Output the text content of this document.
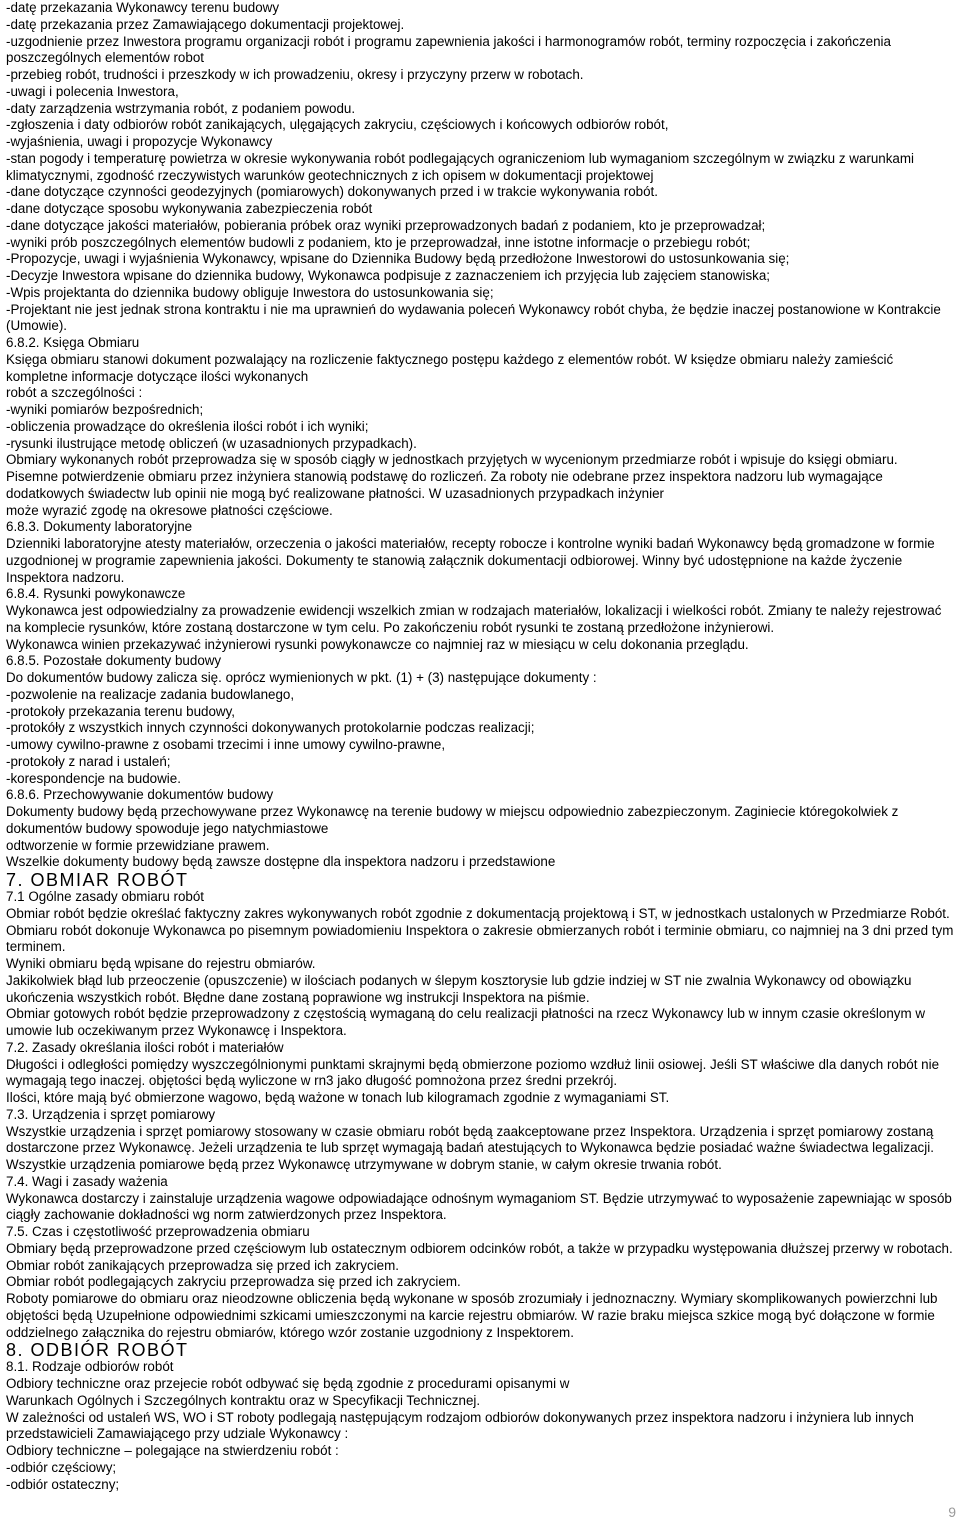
-datę przekazania Wykonawcy terenu budowy

-datę przekazania przez Zamawiającego dokumentacji projektowej.

-uzgodnienie przez Inwestora programu organizacji robót i programu zapewnienia jakości i harmonogramów robót, terminy rozpoczęcia i zakończenia poszczególnych elementów robot

-przebieg robót, trudności i przeszkody w ich prowadzeniu, okresy i przyczyny przerw w robotach.

-uwagi i polecenia Inwestora,

-daty zarządzenia wstrzymania robót, z podaniem powodu.

-zgłoszenia i daty odbiorów robót zanikających, ulęgających zakryciu, częściowych i końcowych odbiorów robót,

-wyjaśnienia, uwagi i propozycje Wykonawcy

-stan pogody i temperaturę powietrza w okresie wykonywania robót podlegających ograniczeniom lub wymaganiom szczególnym w związku z warunkami klimatycznymi, zgodność rzeczywistych warunków geotechnicznych z ich opisem w dokumentacji projektowej

-dane dotyczące czynności geodezyjnych (pomiarowych) dokonywanych przed i w trakcie wykonywania robót.

-dane dotyczące sposobu wykonywania zabezpieczenia robót

-dane dotyczące jakości materiałów, pobierania próbek oraz wyniki przeprowadzonych badań z podaniem, kto je przeprowadzał;

-wyniki prób poszczególnych elementów budowli z podaniem, kto je przeprowadzał, inne istotne informacje o przebiegu robót;

-Propozycje, uwagi i wyjaśnienia Wykonawcy, wpisane do Dziennika Budowy będą przedłożone Inwestorowi do ustosunkowania się;

-Decyzje Inwestora wpisane do dziennika budowy, Wykonawca podpisuje z zaznaczeniem ich przyjęcia lub zajęciem stanowiska;

-Wpis projektanta do dziennika budowy obliguje Inwestora do ustosunkowania się;

-Projektant nie jest jednak strona kontraktu i nie ma uprawnień do wydawania poleceń Wykonawcy robót chyba, że będzie inaczej postanowione w Kontrakcie (Umowie).

6.8.2. Księga Obmiaru

Księga obmiaru stanowi dokument pozwalający na rozliczenie faktycznego postępu każdego z elementów robót. W księdze obmiaru należy zamieścić kompletne informacje dotyczące ilości wykonanych

robót a szczególności :

-wyniki pomiarów bezpośrednich;

-obliczenia prowadzące do określenia ilości robót i ich wyniki;

-rysunki ilustrujące metodę obliczeń (w uzasadnionych przypadkach).

Obmiary wykonanych robót przeprowadza się w sposób ciągły w jednostkach przyjętych w wycenionym przedmiarze robót i wpisuje do księgi obmiaru.

Pisemne potwierdzenie obmiaru przez inżyniera stanowią podstawę do rozliczeń. Za roboty nie odebrane przez inspektora nadzoru lub wymagające dodatkowych świadectw lub opinii nie mogą być realizowane płatności. W uzasadnionych przypadkach inżynier

może wyrazić zgodę na okresowe płatności częściowe.

6.8.3. Dokumenty laboratoryjne

Dzienniki laboratoryjne atesty materiałów, orzeczenia o jakości materiałów, recepty robocze i kontrolne wyniki badań Wykonawcy będą gromadzone w formie uzgodnionej w programie zapewnienia jakości. Dokumenty te stanowią załącznik dokumentacji odbiorowej. Winny być udostępnione na każde życzenie Inspektora nadzoru.

6.8.4. Rysunki powykonawcze

Wykonawca jest odpowiedzialny za prowadzenie ewidencji wszelkich zmian w rodzajach materiałów, lokalizacji i wielkości robót. Zmiany te należy rejestrować na komplecie rysunków, które zostaną dostarczone w tym celu. Po zakończeniu robót rysunki te zostaną przedłożone inżynierowi.

Wykonawca winien przekazywać inżynierowi rysunki powykonawcze co najmniej raz w miesiącu w celu dokonania przeglądu.

6.8.5. Pozostałe dokumenty budowy

Do dokumentów budowy zalicza się. oprócz wymienionych w pkt. (1) + (3) następujące dokumenty :

-pozwolenie na realizacje zadania budowlanego,

-protokoły przekazania terenu budowy,

-protokóły z wszystkich innych czynności dokonywanych protokolarnie podczas realizacji;

-umowy cywilno-prawne z osobami trzecimi i inne umowy cywilno-prawne,

-protokoły z narad i ustaleń;

-korespondencje na budowie.

6.8.6. Przechowywanie dokumentów budowy

Dokumenty budowy będą przechowywane przez Wykonawcę na terenie budowy w miejscu odpowiednio zabezpieczonym. Zaginiecie któregokolwiek z dokumentów budowy spowoduje jego natychmiastowe

odtworzenie w formie przewidziane prawem.

Wszelkie dokumenty budowy będą zawsze dostępne dla inspektora nadzoru i przedstawione

7. OBMIAR ROBÓT

7.1 Ogólne zasady obmiaru robót

Obmiar robót będzie określać faktyczny zakres wykonywanych robót zgodnie z dokumentacją projektową i ST, w jednostkach ustalonych w Przedmiarze Robót.

Obmiaru robót dokonuje Wykonawca po pisemnym powiadomieniu Inspektora o zakresie obmierzanych robót i terminie obmiaru, co najmniej na 3 dni przed tym terminem.

Wyniki obmiaru będą wpisane do rejestru obmiarów.

Jakikolwiek błąd lub przeoczenie (opuszczenie) w ilościach podanych w ślepym kosztorysie lub gdzie indziej w ST nie zwalnia Wykonawcy od obowiązku ukończenia wszystkich robót. Błędne dane zostaną poprawione wg instrukcji Inspektora na piśmie.

Obmiar gotowych robót będzie przeprowadzony z częstością wymaganą do celu realizacji płatności na rzecz Wykonawcy lub w innym czasie określonym w umowie lub oczekiwanym przez Wykonawcę i Inspektora.

7.2. Zasady określania ilości robót i materiałów

Długości i odległości pomiędzy wyszczególnionymi punktami skrajnymi będą obmierzone poziomo wzdłuż linii osiowej. Jeśli ST właściwe dla danych robót nie wymagają tego inaczej. objętości będą wyliczone w rn3 jako długość pomnożona przez średni przekrój.

Ilości, które mają być obmierzone wagowo, będą ważone w tonach lub kilogramach zgodnie z wymaganiami ST.

7.3. Urządzenia i sprzęt pomiarowy

Wszystkie urządzenia i sprzęt pomiarowy stosowany w czasie obmiaru robót będą zaakceptowane przez Inspektora. Urządzenia i sprzęt pomiarowy zostaną dostarczone przez Wykonawcę. Jeżeli urządzenia te lub sprzęt wymagają badań atestujących to Wykonawca będzie posiadać ważne świadectwa legalizacji. Wszystkie urządzenia pomiarowe będą przez Wykonawcę utrzymywane w dobrym stanie, w całym okresie trwania robót.

7.4. Wagi i zasady ważenia

Wykonawca dostarczy i zainstaluje urządzenia wagowe odpowiadające odnośnym wymaganiom ST. Będzie utrzymywać to wyposażenie zapewniając w sposób ciągły zachowanie dokładności wg norm zatwierdzonych przez Inspektora.

7.5. Czas i częstotliwość przeprowadzenia obmiaru

Obmiary będą przeprowadzone przed częściowym lub ostatecznym odbiorem odcinków robót, a także w przypadku występowania dłuższej przerwy w robotach.

Obmiar robót zanikających przeprowadza się przed ich zakryciem.

Obmiar robót podlegających zakryciu przeprowadza się przed ich zakryciem.

Roboty pomiarowe do obmiaru oraz nieodzowne obliczenia będą wykonane w sposób zrozumiały i jednoznaczny. Wymiary skomplikowanych powierzchni lub objętości będą Uzupełnione odpowiednimi szkicami umieszczonymi na karcie rejestru obmiarów. W razie braku miejsca szkice mogą być dołączone w formie oddzielnego załącznika do rejestru obmiarów, którego wzór zostanie uzgodniony z Inspektorem.

8. ODBIÓR ROBÓT

8.1. Rodzaje odbiorów robót

Odbiory techniczne oraz przejecie robót odbywać się będą zgodnie z procedurami opisanymi w

Warunkach Ogólnych i Szczególnych kontraktu oraz w Specyfikacji Technicznej.

W zależności od ustaleń WS, WO i ST roboty podlegają następującym rodzajom odbiorów dokonywanych przez inspektora nadzoru i inżyniera lub innych przedstawicieli Zamawiającego przy udziale Wykonawcy :

Odbiory techniczne – polegające na stwierdzeniu robót :

-odbiór częściowy;

-odbiór ostateczny;

9
